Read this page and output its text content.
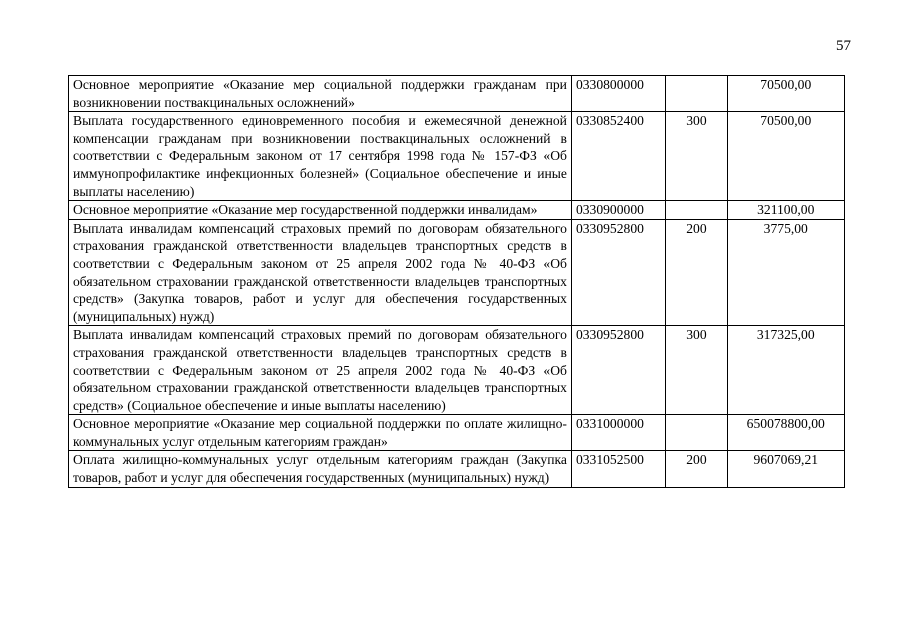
57
Основное мероприятие «Оказание мер социальной поддержки гражданам при возникновении поствакцинальных осложнений»	0330800000		70500,00
Выплата государственного единовременного пособия и ежемесячной денежной компенсации гражданам при возникновении поствакцинальных осложнений в соответствии с Федеральным законом от 17 сентября 1998 года № 157-ФЗ «Об иммунопрофилактике инфекционных болезней» (Социальное обеспечение и иные выплаты населению)	0330852400	300	70500,00
Основное мероприятие «Оказание мер государственной поддержки инвалидам»	0330900000		321100,00
Выплата инвалидам компенсаций страховых премий по договорам обязательного страхования гражданской ответственности владельцев транспортных средств в соответствии с Федеральным законом от 25 апреля 2002 года № 40-ФЗ «Об обязательном страховании гражданской ответственности владельцев транспортных средств» (Закупка товаров, работ и услуг для обеспечения государственных (муниципальных) нужд)	0330952800	200	3775,00
Выплата инвалидам компенсаций страховых премий по договорам обязательного страхования гражданской ответственности владельцев транспортных средств в соответствии с Федеральным законом от 25 апреля 2002 года № 40-ФЗ «Об обязательном страховании гражданской ответственности владельцев транспортных средств» (Социальное обеспечение и иные выплаты населению)	0330952800	300	317325,00
Основное мероприятие «Оказание мер социальной поддержки по оплате жилищно-коммунальных услуг отдельным категориям граждан»	0331000000		650078800,00
Оплата жилищно-коммунальных услуг отдельным категориям граждан (Закупка товаров, работ и услуг для обеспечения государственных (муниципальных) нужд)	0331052500	200	9607069,21
